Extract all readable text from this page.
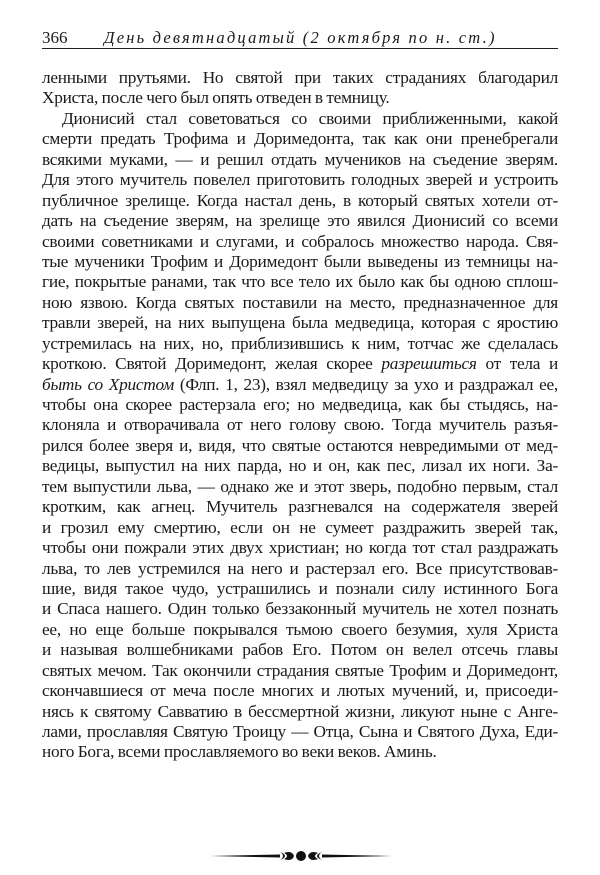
366 День девятнадцатый (2 октября по н. ст.)
ленными прутьями. Но святой при таких страданиях благодарил
Христа, после чего был опять отведен в темницу.
Дионисий стал советоваться со своими приближенными, какой
смерти предать Трофима и Доримедонта, так как они пренебрегали
всякими муками, — и решил отдать мучеников на съедение зверям.
Для этого мучитель повелел приготовить голодных зверей и устроить
публичное зрелище. Когда настал день, в который святых хотели от-
дать на съедение зверям, на зрелище это явился Дионисий со всеми
своими советниками и слугами, и собралось множество народа. Свя-
тые мученики Трофим и Доримедонт были выведены из темницы на-
гие, покрытые ранами, так что все тело их было как бы одною сплош-
ною язвою. Когда святых поставили на место, предназначенное для
травли зверей, на них выпущена была медведица, которая с яростию
устремилась на них, но, приблизившись к ним, тотчас же сделалась
кроткою. Святой Доримедонт, желая скорее разрешиться от тела и
быть со Христом (Флп. 1, 23), взял медведицу за ухо и раздражал ее,
чтобы она скорее растерзала его; но медведица, как бы стыдясь, на-
клоняла и отворачивала от него голову свою. Тогда мучитель разъя-
рился более зверя и, видя, что святые остаются невредимыми от мед-
ведицы, выпустил на них парда, но и он, как пес, лизал их ноги. За-
тем выпустили льва, — однако же и этот зверь, подобно первым, стал
кротким, как агнец. Мучитель разгневался на содержателя зверей
и грозил ему смертию, если он не сумеет раздражить зверей так,
чтобы они пожрали этих двух христиан; но когда тот стал раздражать
льва, то лев устремился на него и растерзал его. Все присутствовав-
шие, видя такое чудо, устрашились и познали силу истинного Бога
и Спаса нашего. Один только беззаконный мучитель не хотел познать
ее, но еще больше покрывался тьмою своего безумия, хуля Христа
и называя волшебниками рабов Его. Потом он велел отсечь главы
святых мечом. Так окончили страдания святые Трофим и Доримедонт,
скончавшиеся от меча после многих и лютых мучений, и, присоеди-
нясь к святому Савватию в бессмертной жизни, ликуют ныне с Анге-
лами, прославляя Святую Троицу — Отца, Сына и Святого Духа, Еди-
ного Бога, всеми прославляемого во веки веков. Аминь.
